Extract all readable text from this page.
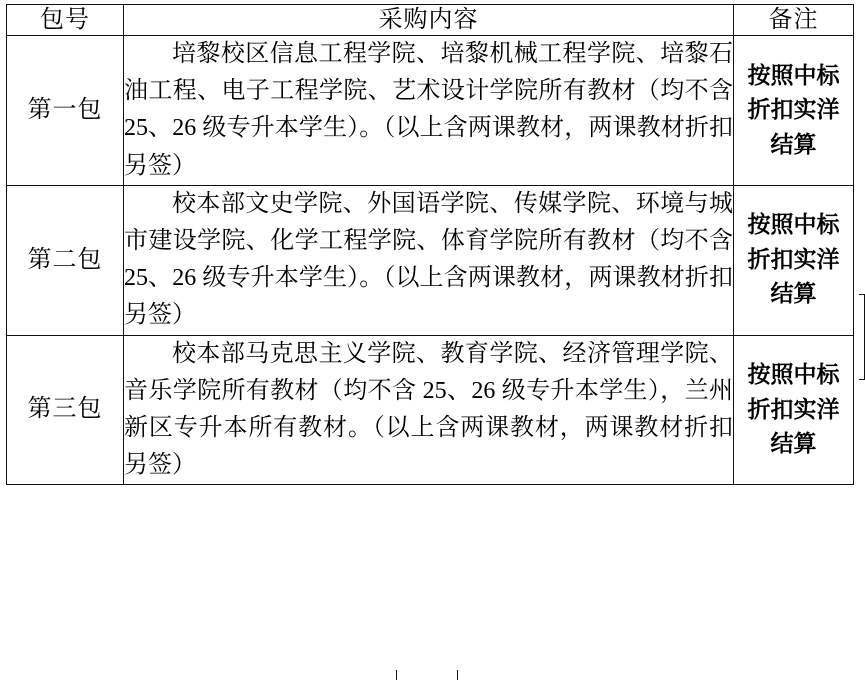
包号	采购内容	备注
第一包	培黎校区信息工程学院、培黎机械工程学院、培黎石油工程、电子工程学院、艺术设计学院所有教材（均不含 25、26 级专升本学生）。（以上含两课教材，两课教材折扣另签）	按照中标
折扣实洋
结算

第二包	校本部文史学院、外国语学院、传媒学院、环境与城市建设学院、化学工程学院、体育学院所有教材（均不含 25、26 级专升本学生）。（以上含两课教材，两课教材折扣另签）	按照中标
折扣实洋
结算

第三包	校本部马克思主义学院、教育学院、经济管理学院、音乐学院所有教材（均不含 25、26 级专升本学生），兰州新区专升本所有教材。（以上含两课教材，两课教材折扣另签）	按照中标
折扣实洋
结算
